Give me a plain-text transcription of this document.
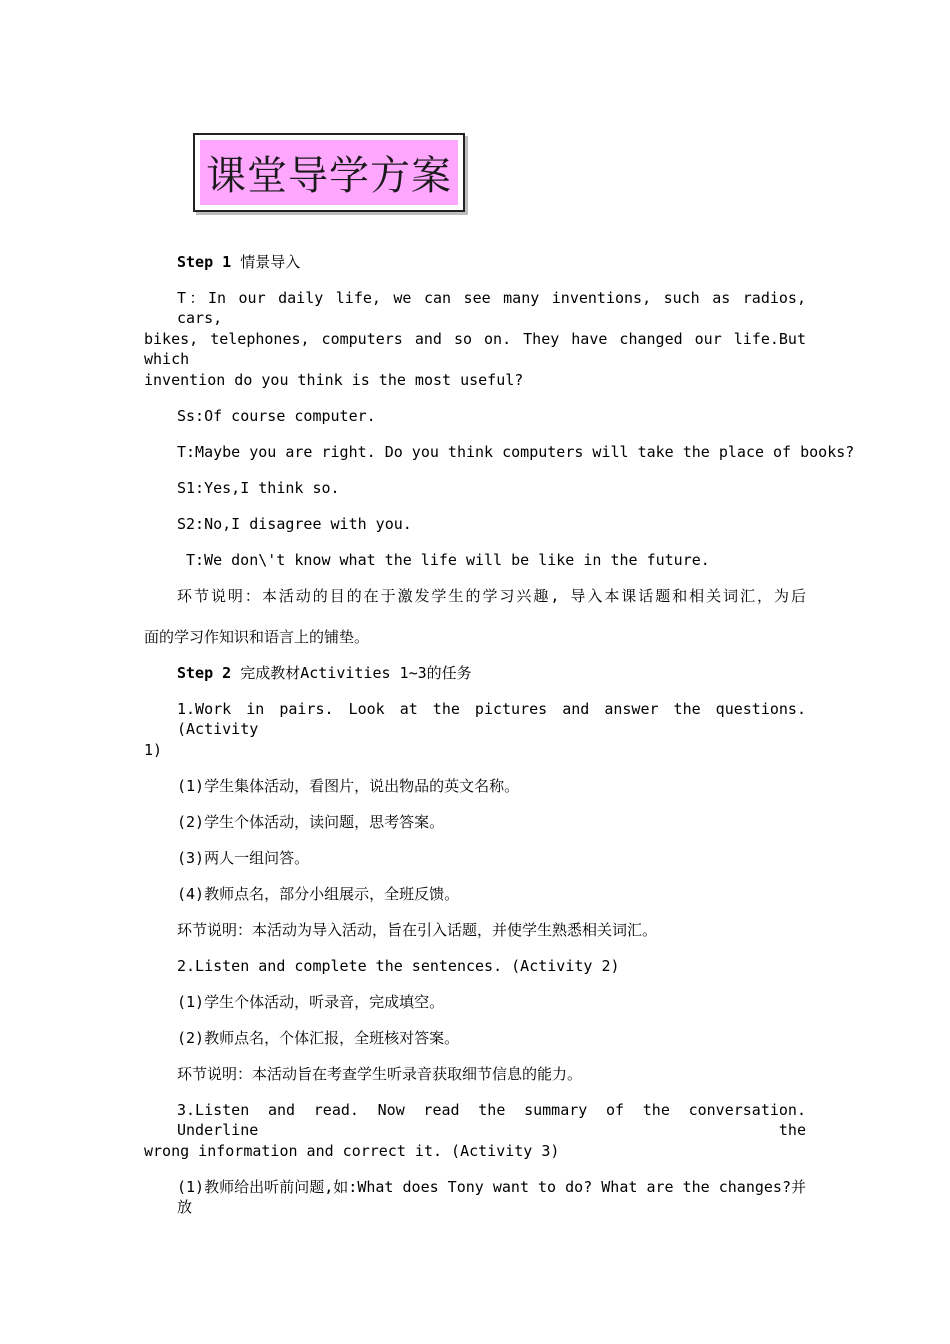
课堂导学方案
Step 1 情景导入
T：In our daily life, we can see many inventions, such as radios, cars,
bikes, telephones, computers and so on. They have changed our life.But which
invention do you think is the most useful?
Ss:Of course computer.
T:Maybe you are right. Do you think computers will take the place of books?
S1:Yes,I think so.
S2:No,I disagree with you.
T:We don\'t know what the life will be like in the future.
环节说明：本活动的目的在于激发学生的学习兴趣, 导入本课话题和相关词汇，为后
面的学习作知识和语言上的铺垫。
Step 2 完成教材Activities 1~3的任务
1.Work in pairs. Look at the pictures and answer the questions. (Activity
1)
(1)学生集体活动，看图片，说出物品的英文名称。
(2)学生个体活动，读问题，思考答案。
(3)两人一组问答。
(4)教师点名，部分小组展示，全班反馈。
环节说明：本活动为导入活动，旨在引入话题，并使学生熟悉相关词汇。
2.Listen and complete the sentences. (Activity 2)
(1)学生个体活动，听录音，完成填空。
(2)教师点名，个体汇报，全班核对答案。
环节说明：本活动旨在考查学生听录音获取细节信息的能力。
3.Listen and read. Now read the summary of the conversation. Underline the
wrong information and correct it. (Activity 3)
(1)教师给出听前问题,如:What does Tony want to do? What are the changes?并放
